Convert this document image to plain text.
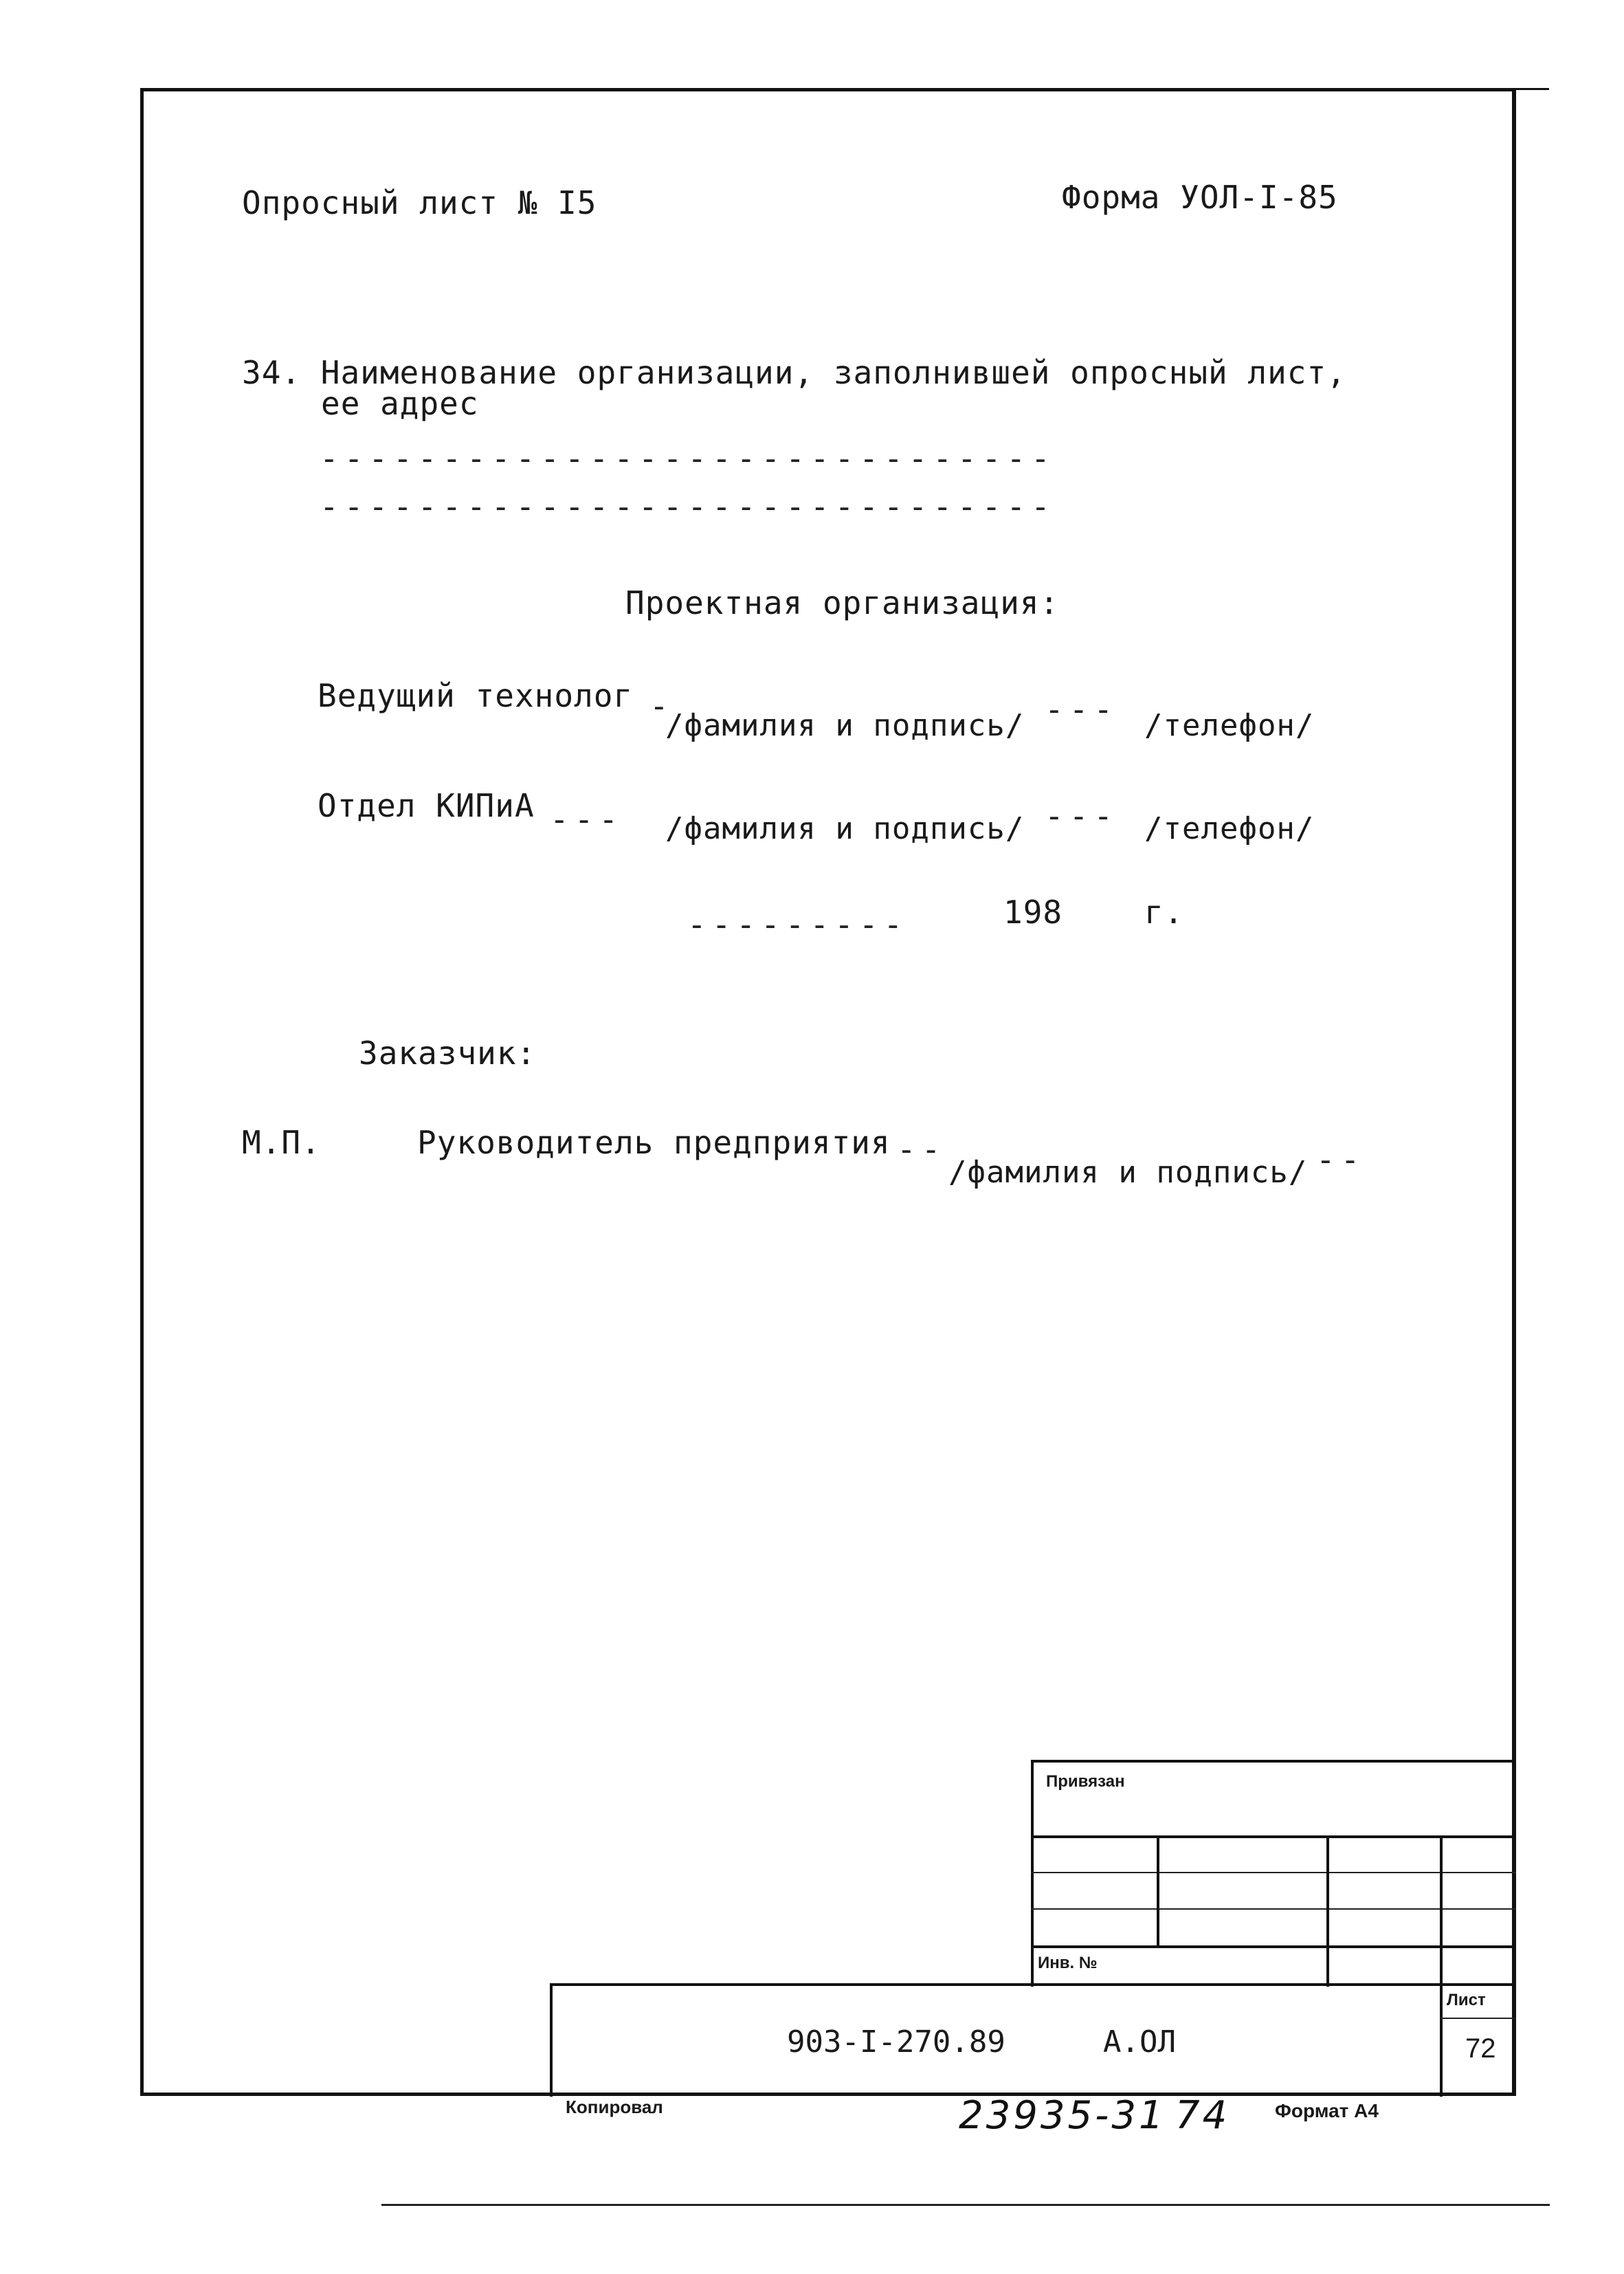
Опросный лист № I5	Форма УОЛ-I-85
34. Наименование организации, заполнившей опросный лист,
ее адрес
------------------------------
------------------------------
Проектная организация:
Ведущий технолог -
/фамилия и подпись/ --- /телефон/
Отдел КИПиА --- /фамилия и подпись/ --- /телефон/
---------	198	г.
Заказчик:
М.П.	Руководитель предприятия --
/фамилия и подпись/ --
Привязан
Инв. №
Лист
72
903-I-270.89	А.ОЛ
Копировал	23935-31 74 Формат А4
